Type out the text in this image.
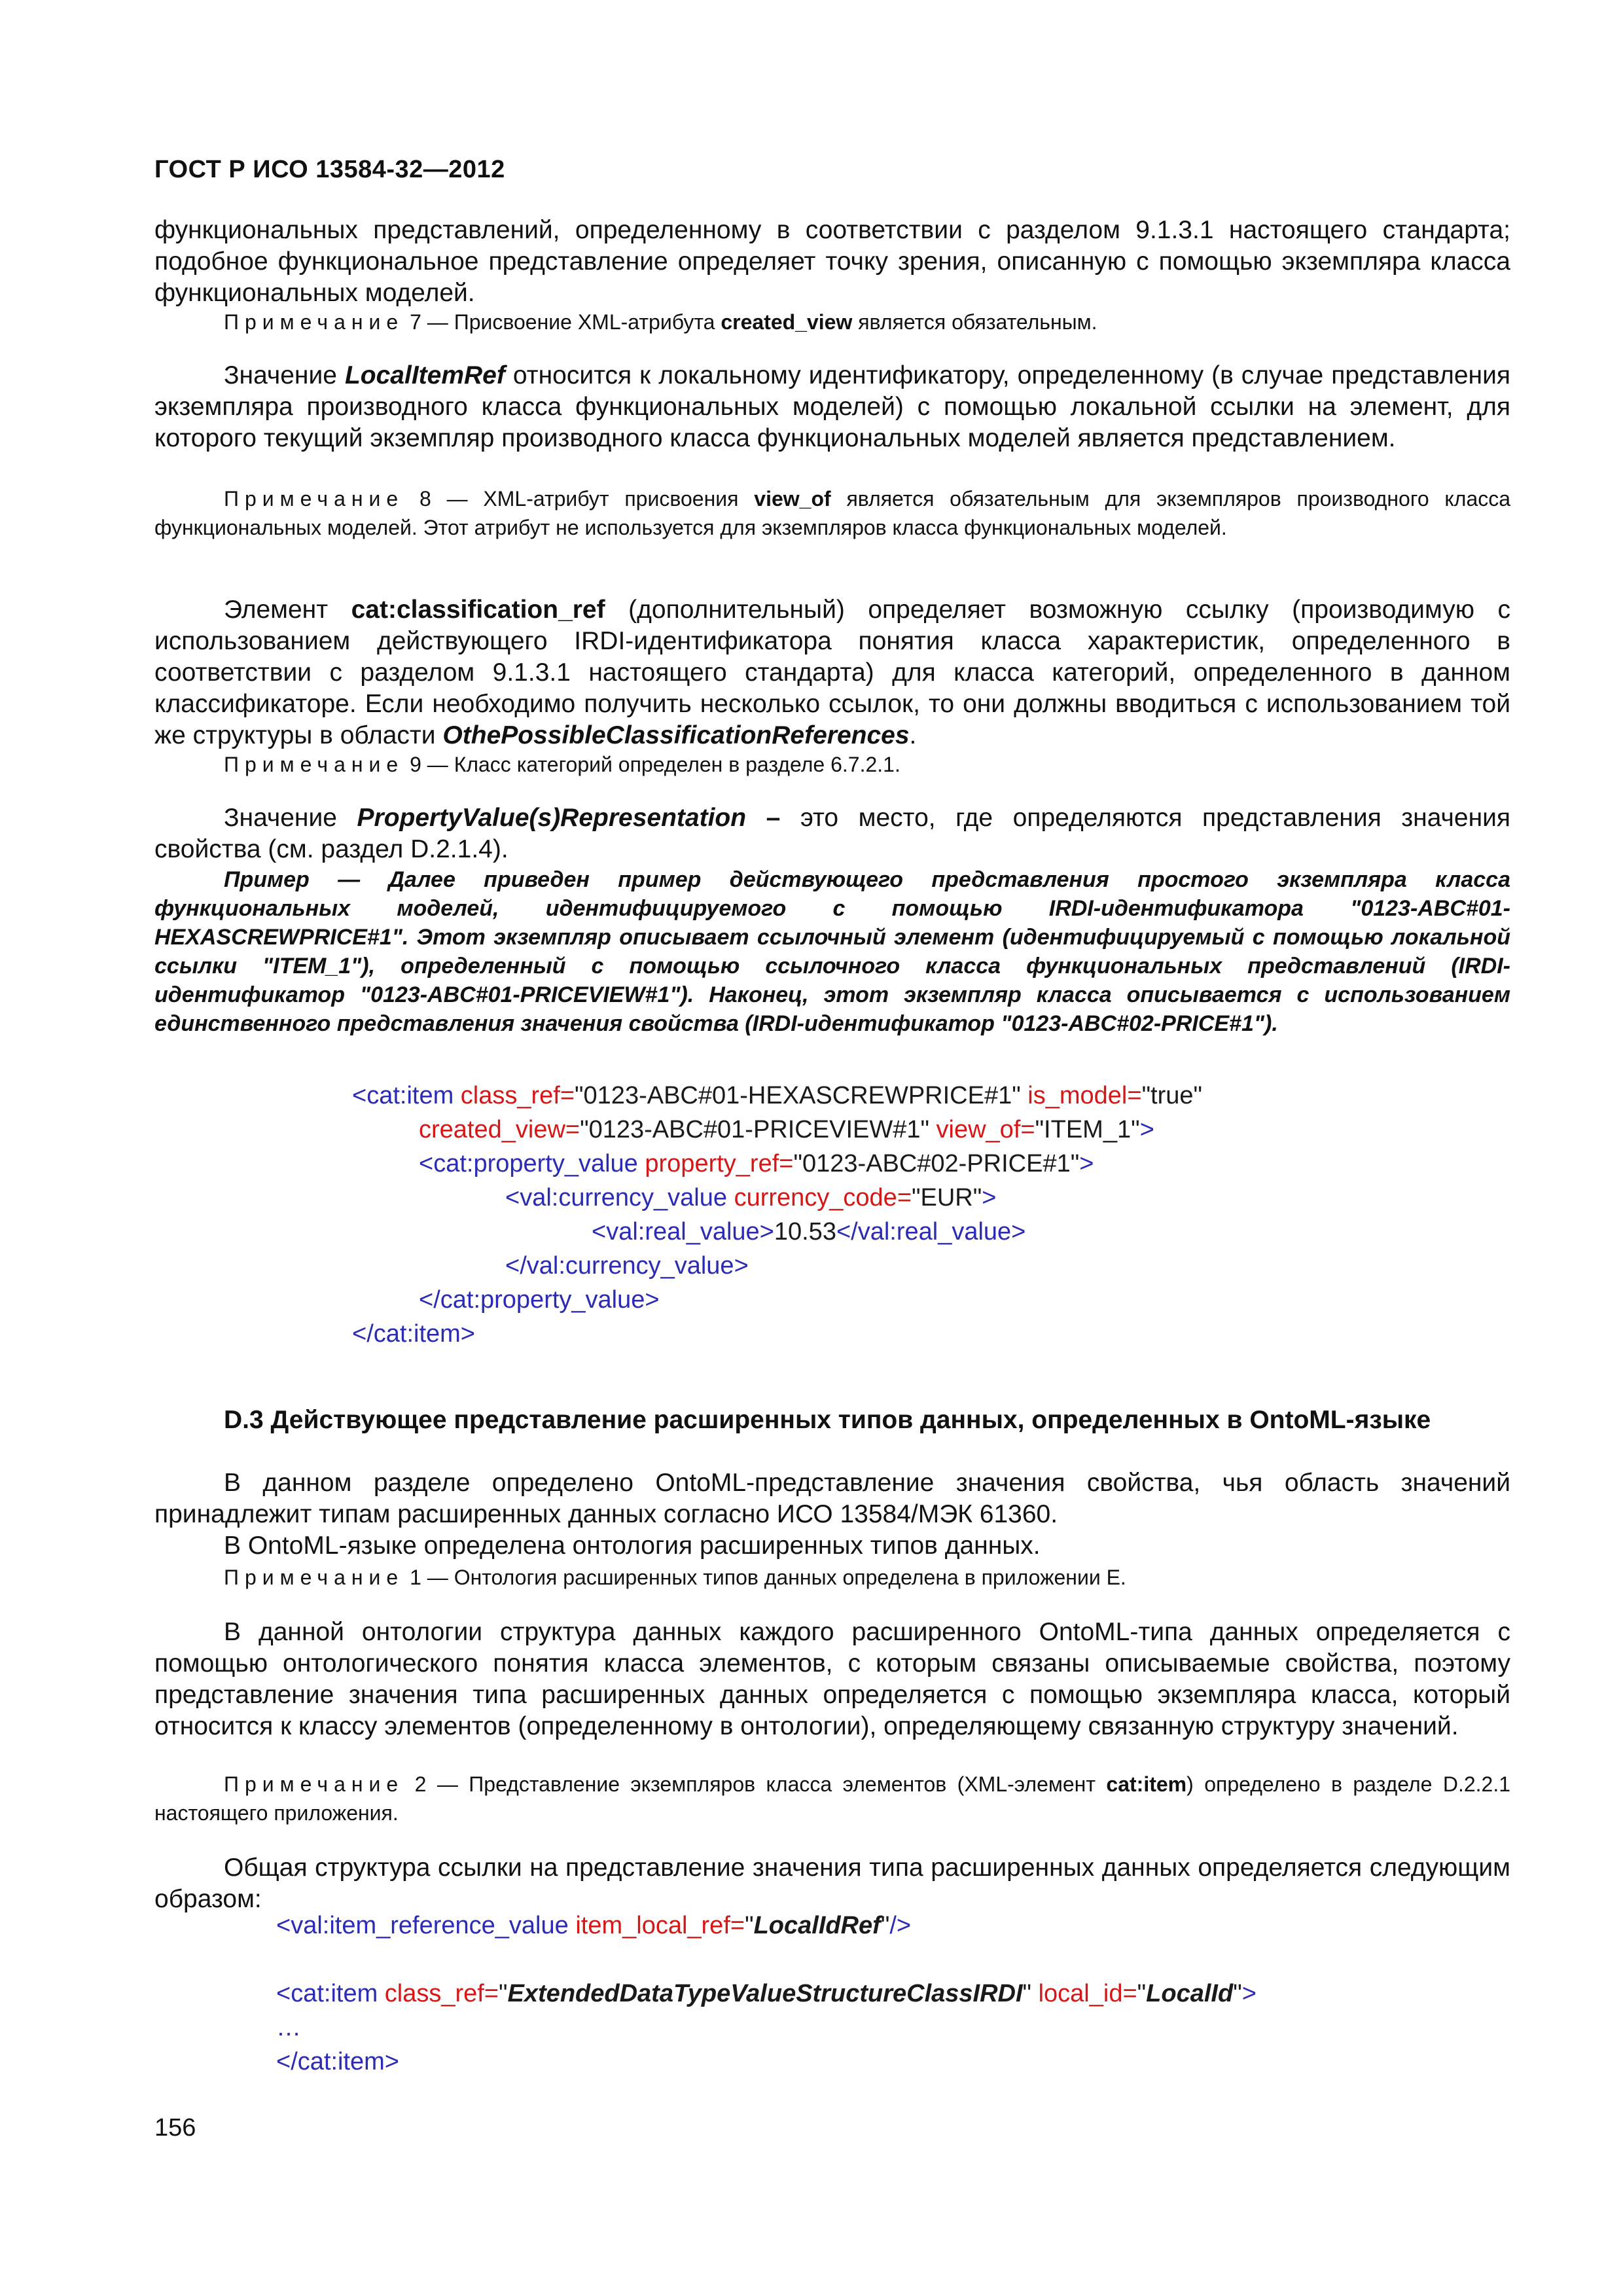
ГОСТ Р ИСО 13584-32—2012
функциональных представлений, определенному в соответствии с разделом 9.1.3.1 настоящего стандарта; подобное функциональное представление определяет точку зрения, описанную с помощью экземпляра класса функциональных моделей.
Примечание 7 — Присвоение XML-атрибута created_view является обязательным.
Значение LocalItemRef относится к локальному идентификатору, определенному (в случае представления экземпляра производного класса функциональных моделей) с помощью локальной ссылки на элемент, для которого текущий экземпляр производного класса функциональных моделей является представлением.
Примечание 8 — XML-атрибут присвоения view_of является обязательным для экземпляров производного класса функциональных моделей. Этот атрибут не используется для экземпляров класса функциональных моделей.
Элемент cat:classification_ref (дополнительный) определяет возможную ссылку (производимую с использованием действующего IRDI-идентификатора понятия класса характеристик, определенного в соответствии с разделом 9.1.3.1 настоящего стандарта) для класса категорий, определенного в данном классификаторе. Если необходимо получить несколько ссылок, то они должны вводиться с использованием той же структуры в области OthePossibleClassificationReferences.
Примечание 9 — Класс категорий определен в разделе 6.7.2.1.
Значение PropertyValue(s)Representation – это место, где определяются представления значения свойства (см. раздел D.2.1.4).
Пример — Далее приведен пример действующего представления простого экземпляра класса функциональных моделей, идентифицируемого с помощью IRDI-идентификатора "0123-ABC#01-HEXASCREWPRICE#1". Этот экземпляр описывает ссылочный элемент (идентифицируемый с помощью локальной ссылки "ITEM_1"), определенный с помощью ссылочного класса функциональных представлений (IRDI-идентификатор "0123-ABC#01-PRICEVIEW#1"). Наконец, этот экземпляр класса описывается с использованием единственного представления значения свойства (IRDI-идентификатор "0123-ABC#02-PRICE#1").
<cat:item class_ref="0123-ABC#01-HEXASCREWPRICE#1" is_model="true"
created_view="0123-ABC#01-PRICEVIEW#1" view_of="ITEM_1">
<cat:property_value property_ref="0123-ABC#02-PRICE#1">
<val:currency_value currency_code="EUR">
<val:real_value>10.53</val:real_value>
</val:currency_value>
</cat:property_value>
</cat:item>
D.3 Действующее представление расширенных типов данных, определенных в OntoML-языке
В данном разделе определено OntoML-представление значения свойства, чья область значений принадлежит типам расширенных данных согласно ИСО 13584/МЭК 61360.
В OntoML-языке определена онтология расширенных типов данных.
Примечание 1 — Онтология расширенных типов данных определена в приложении E.
В данной онтологии структура данных каждого расширенного OntoML-типа данных определяется с помощью онтологического понятия класса элементов, с которым связаны описываемые свойства, поэтому представление значения типа расширенных данных определяется с помощью экземпляра класса, который относится к классу элементов (определенному в онтологии), определяющему связанную структуру значений.
Примечание 2 — Представление экземпляров класса элементов (XML-элемент cat:item) определено в разделе D.2.2.1 настоящего приложения.
Общая структура ссылки на представление значения типа расширенных данных определяется следующим образом:
<val:item_reference_value item_local_ref="LocalIdRef"/>
<cat:item class_ref="ExtendedDataTypeValueStructureClassIRDI" local_id="LocalId">
…
</cat:item>
156
